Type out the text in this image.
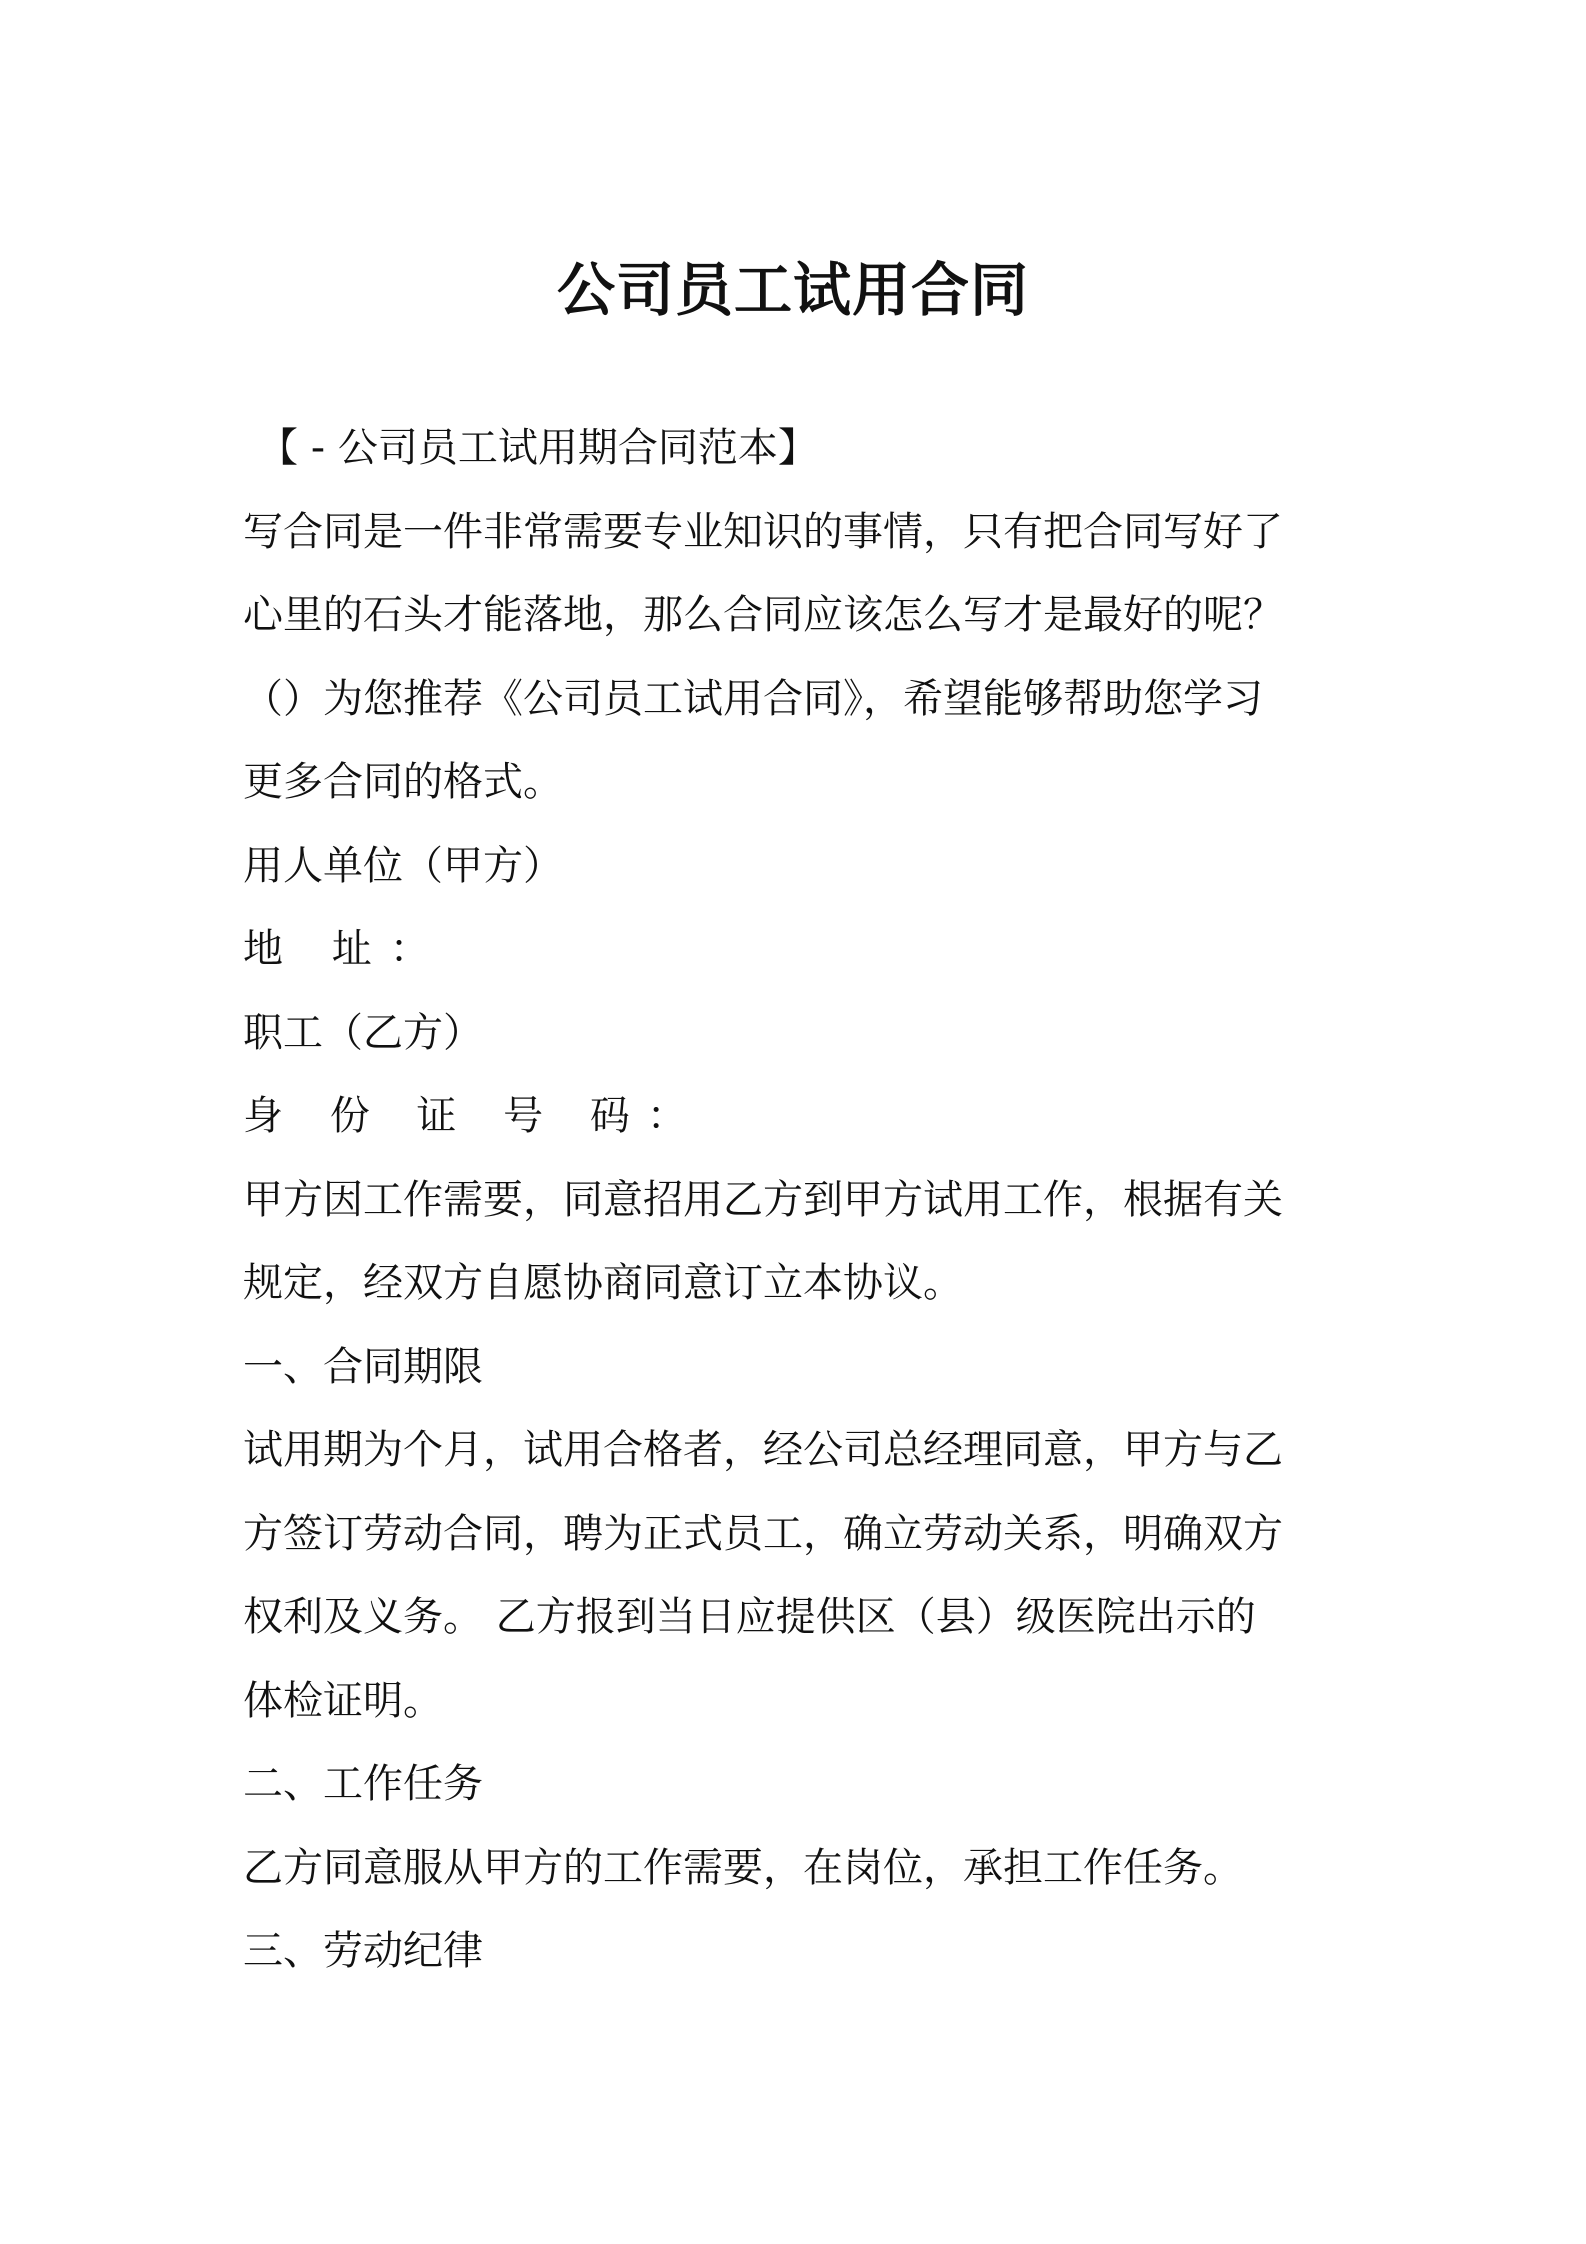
公司员工试用合同
【 - 公司员工试用期合同范本】
写合同是一件非常需要专业知识的事情，只有把合同写好了
心里的石头才能落地，那么合同应该怎么写才是最好的呢？
（）为您推荐《公司员工试用合同》，希望能够帮助您学习
更多合同的格式。
用人单位（甲方）
地 址：
职工（乙方）
身 份 证 号 码：
甲方因工作需要，同意招用乙方到甲方试用工作，根据有关
规定，经双方自愿协商同意订立本协议。
一、合同期限
试用期为个月，试用合格者，经公司总经理同意，甲方与乙
方签订劳动合同，聘为正式员工，确立劳动关系，明确双方
权利及义务。 乙方报到当日应提供区（县）级医院出示的
体检证明。
二、工作任务
乙方同意服从甲方的工作需要，在岗位，承担工作任务。
三、劳动纪律
